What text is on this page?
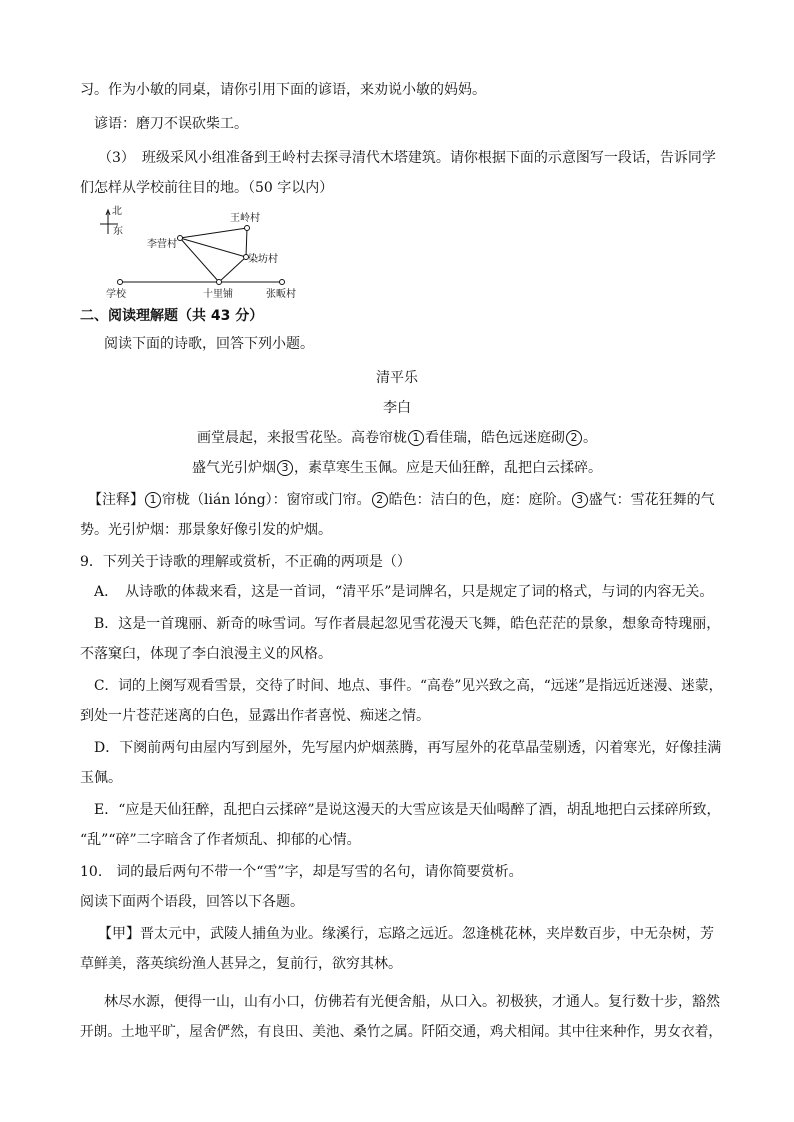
习。作为小敏的同桌，请你引用下面的谚语，来劝说小敏的妈妈。
谚语：磨刀不误砍柴工。
（3）　班级采风小组准备到王岭村去探寻清代木塔建筑。请你根据下面的示意图写一段话，告诉同学
们怎样从学校前往目的地。（50 字以内）
北
东
王岭村
李营村
染坊村
学校	十里铺	张畈村
二、阅读理解题（共 43 分）
阅读下面的诗歌，回答下列小题。
清平乐
李白
画堂晨起，来报雪花坠。高卷帘栊 1 看佳瑞，皓色远迷庭砌 2 。
盛气光引炉烟 3 ，素草寒生玉佩。应是天仙狂醉，乱把白云揉碎。
【注释】 1 帘栊（lián lóng）：窗帘或门帘。 2 皓色：洁白的色，庭：庭阶。 3 盛气：雪花狂舞的气
势。光引炉烟：那景象好像引发的炉烟。
9．下列关于诗歌的理解或赏析，不正确的两项是（）
A．　从诗歌的体裁来看，这是一首词，“清平乐”是词牌名，只是规定了词的格式，与词的内容无关。
B．这是一首瑰丽、新奇的咏雪词。写作者晨起忽见雪花漫天飞舞，皓色茫茫的景象，想象奇特瑰丽，
不落窠臼，体现了李白浪漫主义的风格。
C．词的上阕写观看雪景，交待了时间、地点、事件。“高卷”见兴致之高，“远迷”是指远近迷漫、迷蒙，
到处一片苍茫迷离的白色，显露出作者喜悦、痴迷之情。
D．下阕前两句由屋内写到屋外，先写屋内炉烟蒸腾，再写屋外的花草晶莹剔透，闪着寒光，好像挂满
玉佩。
E．“应是天仙狂醉，乱把白云揉碎”是说这漫天的大雪应该是天仙喝醉了酒，胡乱地把白云揉碎所致，
“乱”“碎”二字暗含了作者烦乱、抑郁的心情。
10.　词的最后两句不带一个“雪”字，却是写雪的名句，请你简要赏析。
阅读下面两个语段，回答以下各题。
【甲】晋太元中，武陵人捕鱼为业。缘溪行，忘路之远近。忽逢桃花林，夹岸数百步，中无杂树，芳
草鲜美，落英缤纷渔人甚异之，复前行，欲穷其林。
林尽水源，便得一山，山有小口，仿佛若有光便舍船，从口入。初极狭，才通人。复行数十步，豁然
开朗。土地平旷，屋舍俨然，有良田、美池、桑竹之属。阡陌交通，鸡犬相闻。其中往来种作，男女衣着，
